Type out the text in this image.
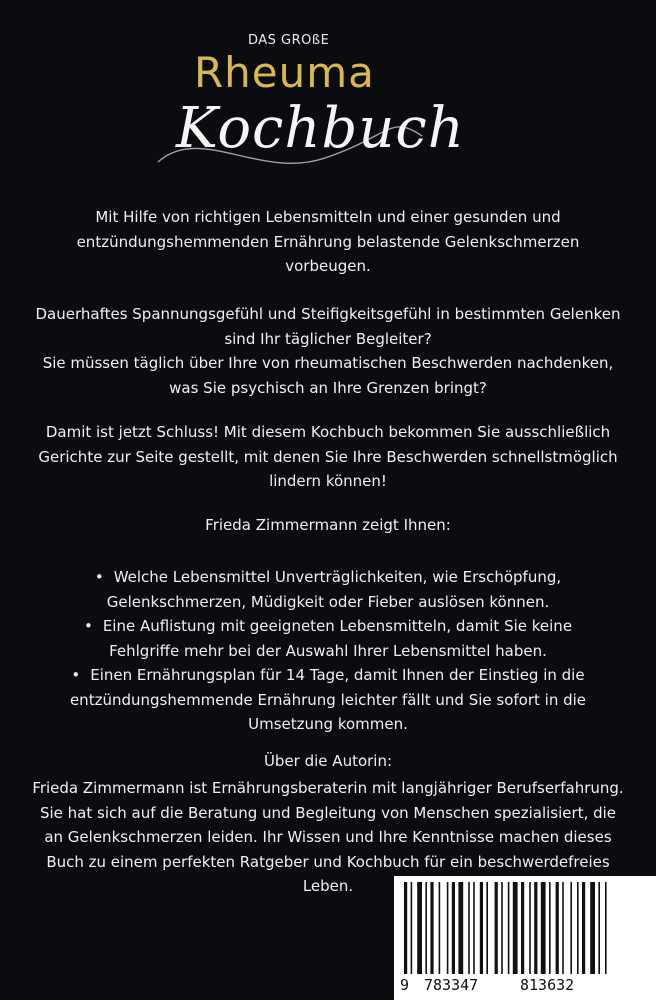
DAS GROßE
Rheuma
Kochbuch

Mit Hilfe von richtigen Lebensmitteln und einer gesunden und entzündungshemmenden Ernährung belastende Gelenkschmerzen vorbeugen.

Dauerhaftes Spannungsgefühl und Steifigkeitsgefühl in bestimmten Gelenken sind Ihr täglicher Begleiter?

Sie müssen täglich über Ihre von rheumatischen Beschwerden nachdenken, was Sie psychisch an Ihre Grenzen bringt?

Damit ist jetzt Schluss! Mit diesem Kochbuch bekommen Sie ausschließlich Gerichte zur Seite gestellt, mit denen Sie Ihre Beschwerden schnellstmöglich lindern können!

Frieda Zimmermann zeigt Ihnen:

• Welche Lebensmittel Unverträglichkeiten, wie Erschöpfung, Gelenkschmerzen, Müdigkeit oder Fieber auslösen können.

• Eine Auflistung mit geeigneten Lebensmitteln, damit Sie keine Fehlgriffe mehr bei der Auswahl Ihrer Lebensmittel haben.

• Einen Ernährungsplan für 14 Tage, damit Ihnen der Einstieg in die entzündungshemmende Ernährung leichter fällt und Sie sofort in die Umsetzung kommen.

Über die Autorin:
Frieda Zimmermann ist Ernährungsberaterin mit langjähriger Berufserfahrung. Sie hat sich auf die Beratung und Begleitung von Menschen spezialisiert, die an Gelenkschmerzen leiden. Ihr Wissen und Ihre Kenntnisse machen dieses Buch zu einem perfekten Ratgeber und Kochbuch für ein beschwerdefreies Leben.
9 783347	813632
